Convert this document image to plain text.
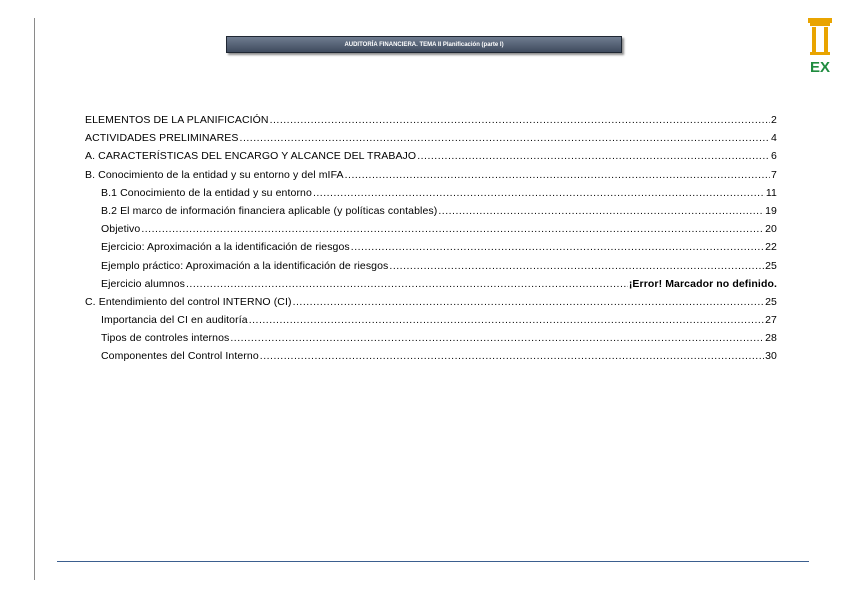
AUDITORÍA FINANCIERA. TEMA II Planificación (parte I)
EX
ELEMENTOS DE LA PLANIFICACIÓN .....	2
ACTIVIDADES PRELIMINARES .....	4
A. CARACTERÍSTICAS DEL ENCARGO Y ALCANCE DEL TRABAJO .....	6
B. Conocimiento de la entidad y su entorno y del mIFA .....	7
B.1 Conocimiento de la entidad y su entorno .....	11
B.2 El marco de información financiera aplicable (y políticas contables) .....	19
Objetivo .....	20
Ejercicio: Aproximación a la identificación de riesgos .....	22
Ejemplo práctico: Aproximación a la identificación de riesgos .....	25
Ejercicio alumnos .....	¡Error! Marcador no definido.
C. Entendimiento del control INTERNO (CI) .....	25
Importancia del CI en auditoría .....	27
Tipos de controles internos .....	28
Componentes del Control Interno .....	30
